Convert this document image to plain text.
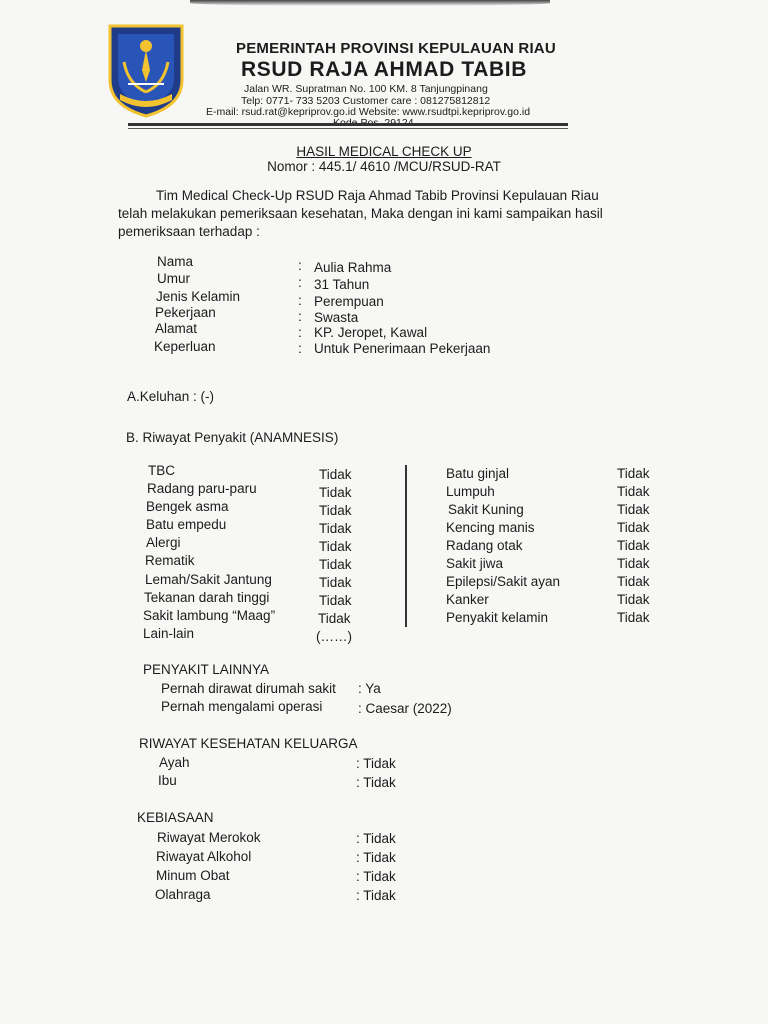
PEMERINTAH PROVINSI KEPULAUAN RIAU
RSUD RAJA AHMAD TABIB
Jalan WR. Supratman No. 100 KM. 8 Tanjungpinang
Telp: 0771- 733 5203 Customer care : 081275812812
E-mail: rsud.rat@kepriprov.go.id Website: www.rsudtpi.kepriprov.go.id
HASIL MEDICAL CHECK UP
Nomor : 445.1/ 4610 /MCU/RSUD-RAT
Tim Medical Check-Up RSUD Raja Ahmad Tabib Provinsi Kepulauan Riau
telah melakukan pemeriksaan kesehatan, Maka dengan ini kami sampaikan hasil
pemeriksaan terhadap :
Nama	: Aulia Rahma
Umur	: 31 Tahun
Jenis Kelamin	: Perempuan
Pekerjaan	: Swasta
Alamat	: KP. Jeropet, Kawal
Keperluan	: Untuk Penerimaan Pekerjaan
A.Keluhan : (-)
B. Riwayat Penyakit (ANAMNESIS)
TBC	Tidak
Radang paru-paru	Tidak
Bengek asma	Tidak
Batu empedu	Tidak
Alergi	Tidak
Rematik	Tidak
Lemah/Sakit Jantung	Tidak
Tekanan darah tinggi	Tidak
Sakit lambung “Maag”	Tidak
Lain-lain	(……)
Batu ginjal	Tidak
Lumpuh	Tidak
Sakit Kuning	Tidak
Kencing manis	Tidak
Radang otak	Tidak
Sakit jiwa	Tidak
Epilepsi/Sakit ayan	Tidak
Kanker	Tidak
Penyakit kelamin	Tidak
PENYAKIT LAINNYA
Pernah dirawat dirumah sakit : Ya
Pernah mengalami operasi	: Caesar (2022)
RIWAYAT KESEHATAN KELUARGA
Ayah	: Tidak
Ibu	: Tidak
KEBIASAAN
Riwayat Merokok	: Tidak
Riwayat Alkohol	: Tidak
Minum Obat	: Tidak
Olahraga	: Tidak
